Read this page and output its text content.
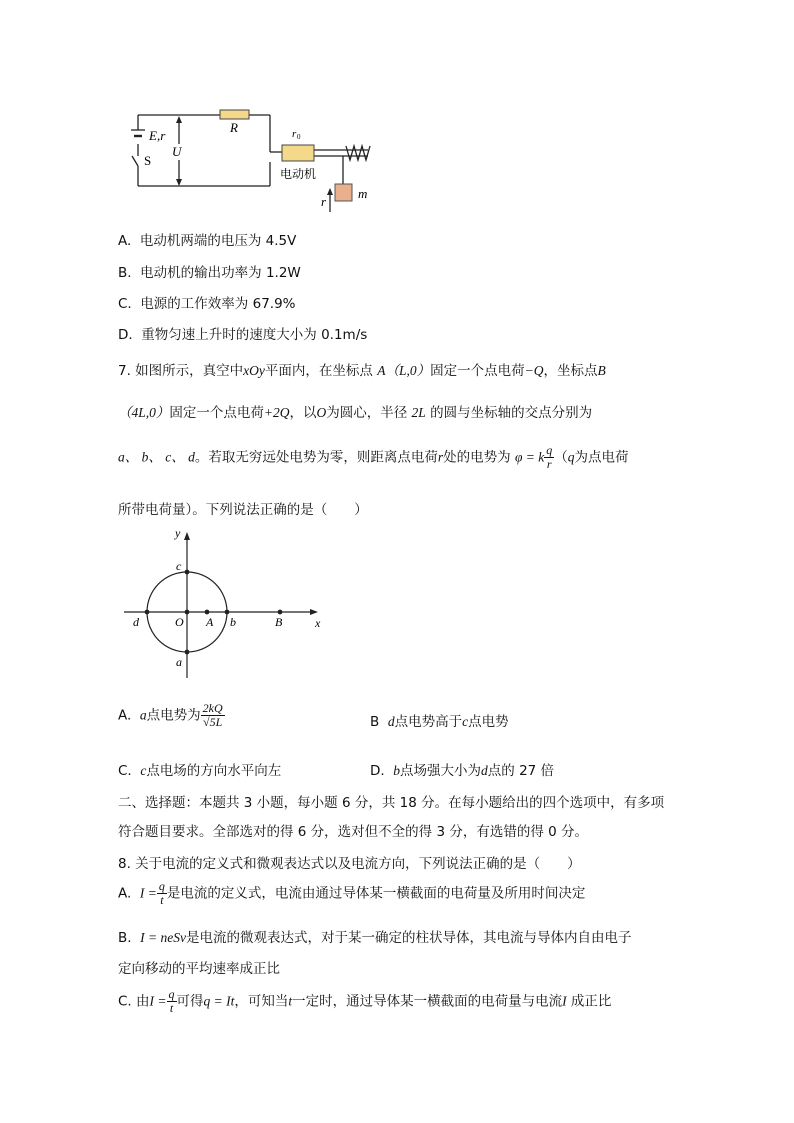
E,r
S
U
R	r 0
电动机
m
r
A. 电动机两端的电压为 4.5V
B. 电动机的输出功率为 1.2W
C. 电源的工作效率为 67.9%
D. 重物匀速上升时的速度大小为 0.1m/s
7. 如图所示，真空中xOy平面内，在坐标点 A（L,0）固定一个点电荷−Q，坐标点B
（4L,0）固定一个点电荷+2Q，以O为圆心，半径 2L 的圆与坐标轴的交点分别为
a、 b、 c、 d。若取无穷远处电势为零，则距离点电荷r处的电势为 φ = k $\frac{q}{r} (q$为点电荷
所带电荷量）。下列说法正确的是（　　）
y
x
c
d	O A b	B
a
A. a点电势为 $\frac{2kQ}{√5L}$	B d点电势高于c点电势
C. c点电场的方向水平向左	D. b点场强大小为d点的 27 倍
二、选择题：本题共 3 小题，每小题 6 分，共 18 分。在每小题给出的四个选项中，有多项
符合题目要求。全部选对的得 6 分，选对但不全的得 3 分，有选错的得 0 分。
8. 关于电流的定义式和微观表达式以及电流方向，下列说法正确的是（　　）
A. $I = \frac{q}{t}$ 是电流的定义式，电流由通过导体某一横截面的电荷量及所用时间决定
B. I = neSv是电流的微观表达式，对于某一确定的柱状导体，其电流与导体内自由电子
定向移动的平均速率成正比
C. 由$I = \frac{q}{t}$ 可得q = It，可知当t一定时，通过导体某一横截面的电荷量与电流I 成正比
